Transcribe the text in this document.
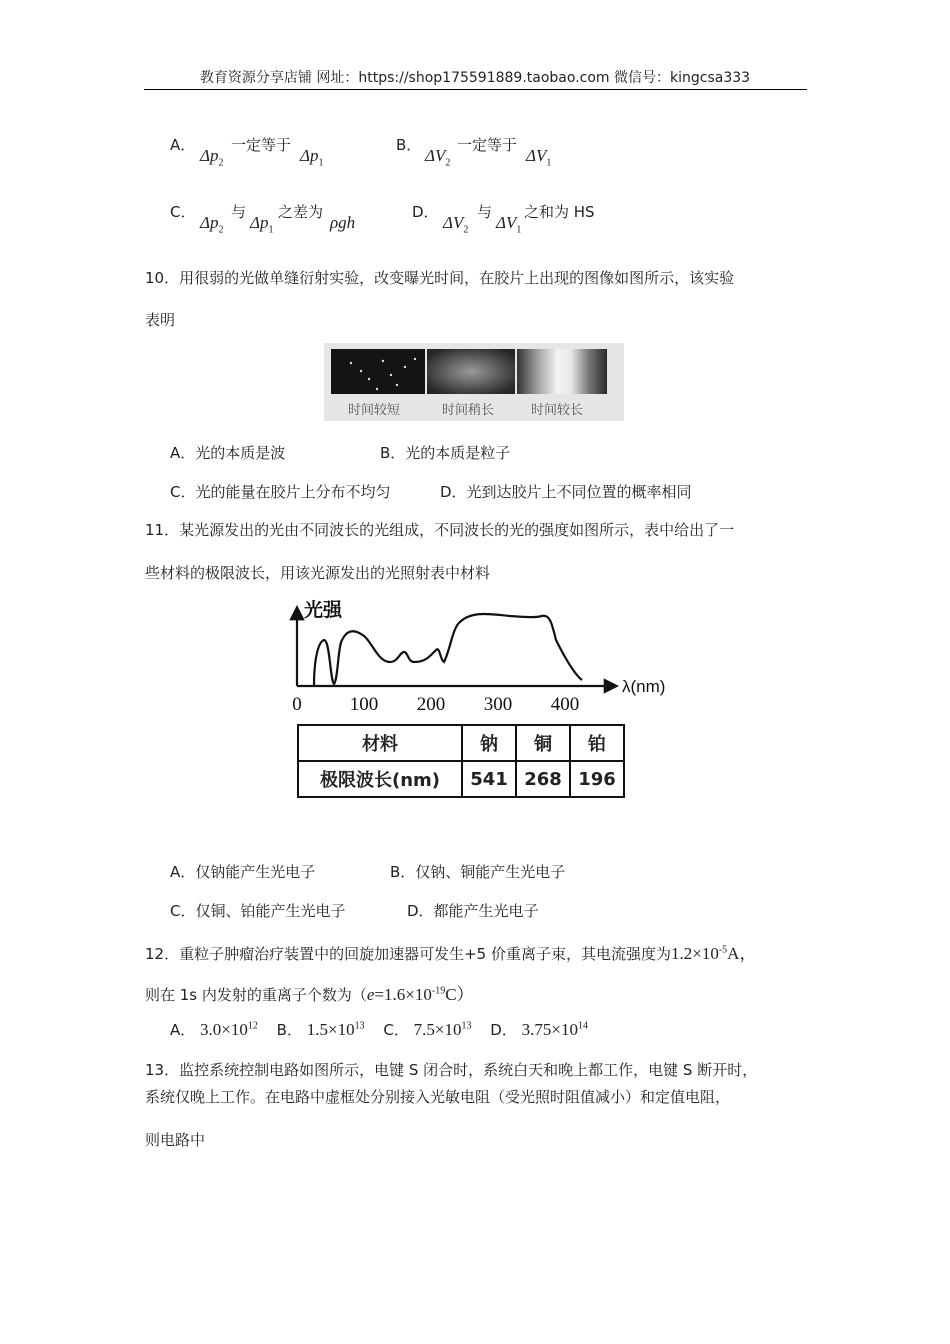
教育资源分享店铺 网址：https://shop175591889.taobao.com 微信号：kingcsa333
A．
$\Delta p_2$
一定等于
$\Delta p_1$
B．
$\Delta V_2$
一定等于
$\Delta V_1$
C．
$\Delta p_2$
与
$\Delta p_1$
之差为
ρgh
D．
$\Delta V_2$
与
$\Delta V_1$
之和为 HS
10．用很弱的光做单缝衍射实验，改变曝光时间，在胶片上出现的图像如图所示，该实验
表明
时间较短	时间稍长	时间较长
A．光的本质是波	B．光的本质是粒子
C．光的能量在胶片上分布不均匀	D．光到达胶片上不同位置的概率相同
11．某光源发出的光由不同波长的光组成，不同波长的光的强度如图所示，表中给出了一
些材料的极限波长，用该光源发出的光照射表中材料
光强
λ(nm)
0	100 200 300 400
材料	钠	铜	铂
极限波长(nm)	541	268	196
A．仅钠能产生光电子	B．仅钠、铜能产生光电子
C．仅铜、铂能产生光电子	D．都能产生光电子
12．重粒子肿瘤治疗装置中的回旋加速器可发生+5 价重离子束，其电流强度为$1.2\times 10^{-5}A$，
则在 1s 内发射的重离子个数为$(e=1.6\times 10^{-19}C)$
A． $3.0\times 10^{12}$ B． $1.5\times 10^{13}$ C． $7.5\times 10^{13}$ D． $3.75\times 10^{14}$
13．监控系统控制电路如图所示，电键 S 闭合时，系统白天和晚上都工作，电键 S 断开时，
系统仅晚上工作。在电路中虚框处分别接入光敏电阻（受光照时阻值减小）和定值电阻，
则电路中
